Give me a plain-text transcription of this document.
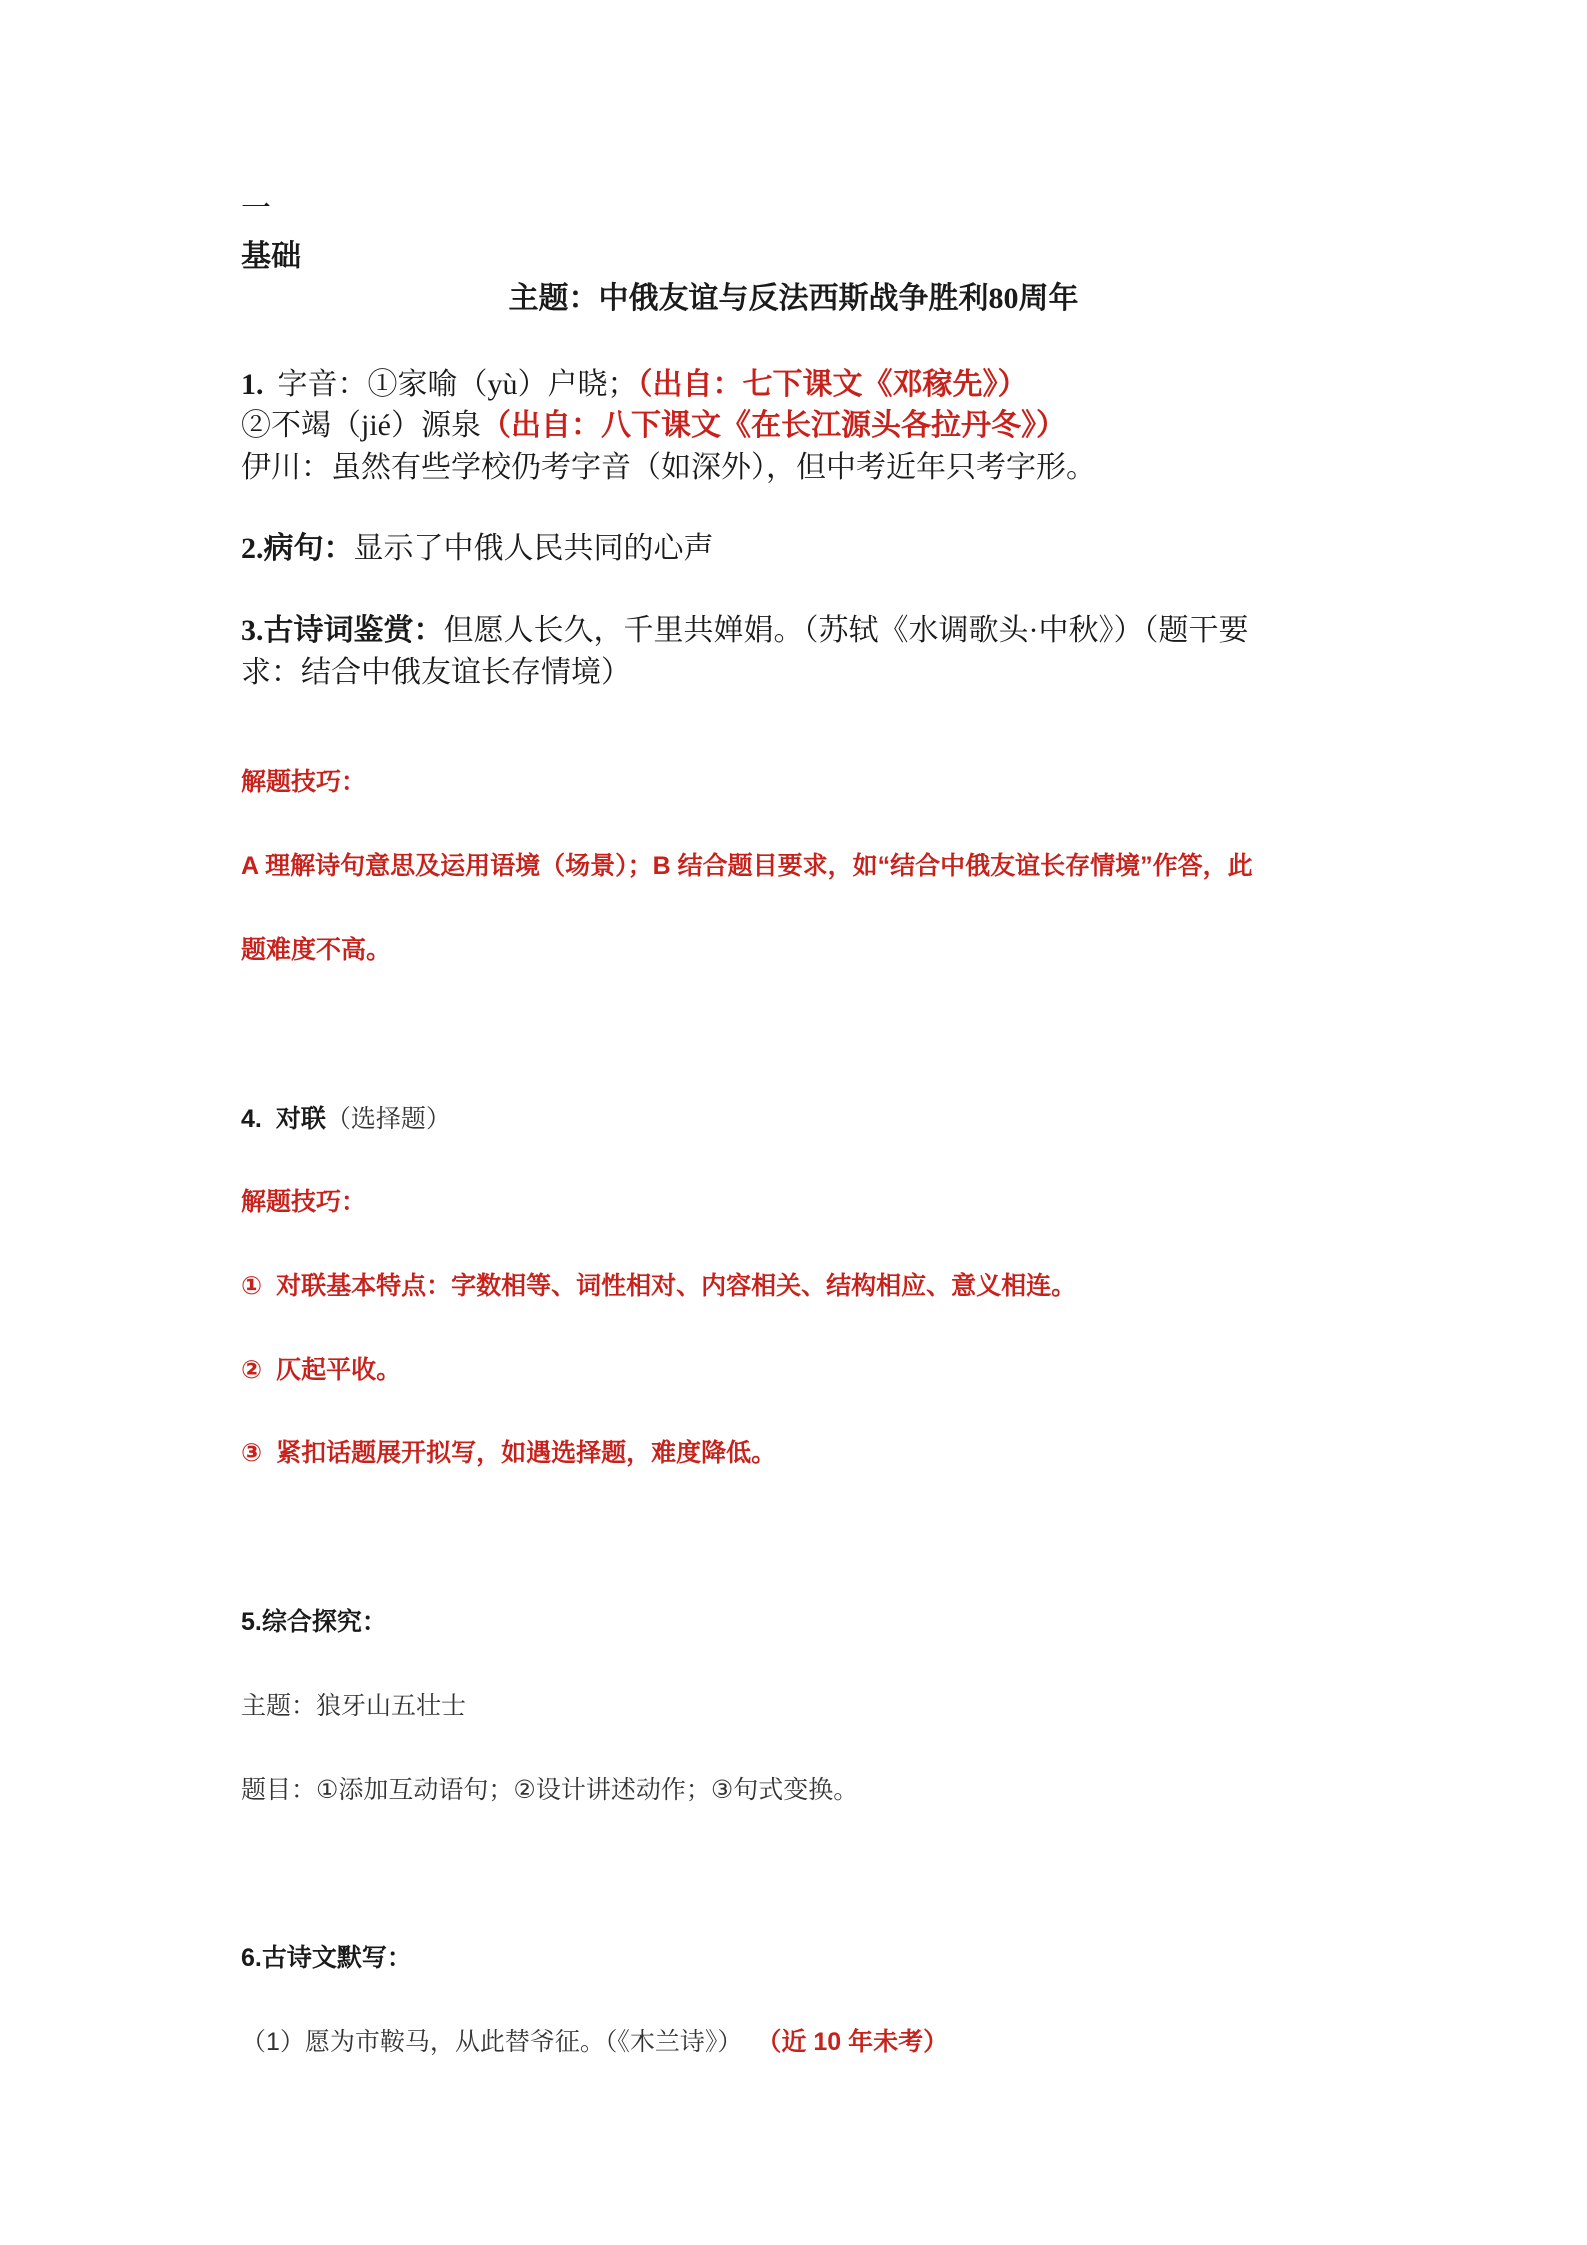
一

基础

主题：中俄友谊与反法西斯战争胜利80周年

1. 字音：①家喻（yù）户晓；（出自：七下课文《邓稼先》）

②不竭（jié）源泉（出自：八下课文《在长江源头各拉丹冬》）

伊川：虽然有些学校仍考字音（如深外），但中考近年只考字形。

2.病句：显示了中俄人民共同的心声

3.古诗词鉴赏：但愿人长久，千里共婵娟。（苏轼《水调歌头·中秋》）（题干要

求：结合中俄友谊长存情境）

解题技巧：

A 理解诗句意思及运用语境（场景）；B 结合题目要求，如“结合中俄友谊长存情境”作答，此

题难度不高。

4. 对联（选择题）

解题技巧：

① 对联基本特点：字数相等、词性相对、内容相关、结构相应、意义相连。

② 仄起平收。

③ 紧扣话题展开拟写，如遇选择题，难度降低。

5.综合探究：

主题：狼牙山五壮士

题目：①添加互动语句；②设计讲述动作；③句式变换。

6.古诗文默写：

（1）愿为市鞍马，从此替爷征。（《木兰诗》） （近 10 年未考）
